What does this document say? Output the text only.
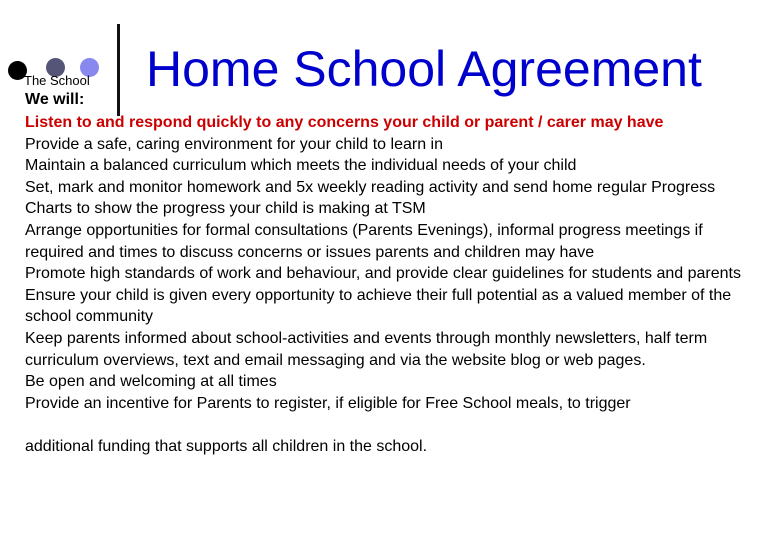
The School Home School Agreement
We will:

Listen to and respond quickly to any concerns your child or parent / carer may have

Provide a safe, caring environment for your child to learn in

Maintain a balanced curriculum which meets the individual needs of your child

Set, mark and monitor homework and 5x weekly reading activity and send home regular Progress Charts to show the progress your child is making at TSM

Arrange opportunities for formal consultations (Parents Evenings), informal progress meetings if required and times to discuss concerns or issues parents and children may have

Promote high standards of work and behaviour, and provide clear guidelines for students and parents

Ensure your child is given every opportunity to achieve their full potential as a valued member of the school community

Keep parents informed about school-activities and events through monthly newsletters, half term curriculum overviews, text and email messaging and via the website blog or web pages.

Be open and welcoming at all times

Provide an incentive for Parents to register, if eligible for Free School meals, to trigger

additional funding that supports all children in the school.
